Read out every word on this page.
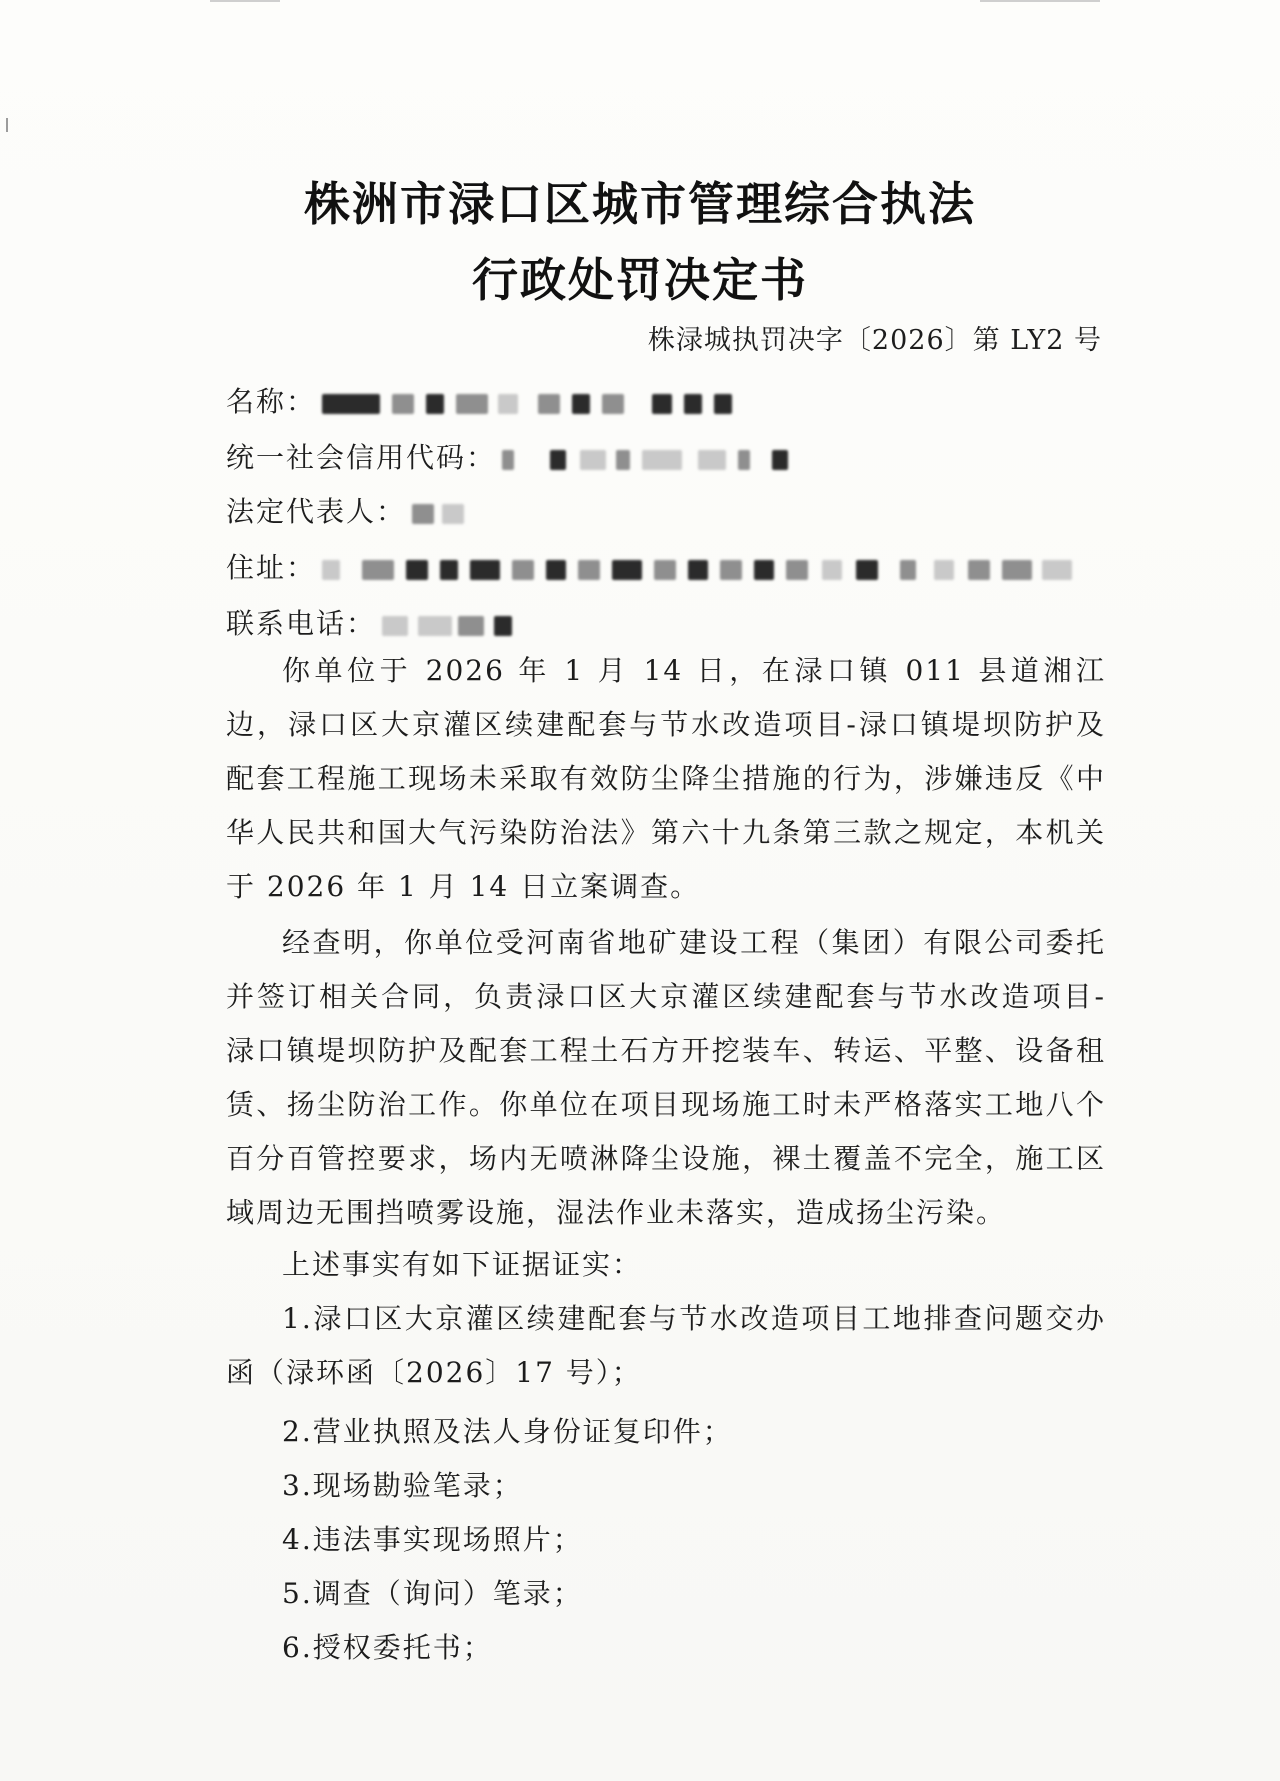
株洲市渌口区城市管理综合执法
行政处罚决定书
株渌城执罚决字〔2026〕第 LY2 号
名称：
统一社会信用代码：
法定代表人：
住址：
联系电话：
你单位于 2026 年 1 月 14 日，在渌口镇 011 县道湘江边，渌口区大京灌区续建配套与节水改造项目-渌口镇堤坝防护及配套工程施工现场未采取有效防尘降尘措施的行为，涉嫌违反《中华人民共和国大气污染防治法》第六十九条第三款之规定，本机关于 2026 年 1 月 14 日立案调查。
经查明，你单位受河南省地矿建设工程（集团）有限公司委托并签订相关合同，负责渌口区大京灌区续建配套与节水改造项目-渌口镇堤坝防护及配套工程土石方开挖装车、转运、平整、设备租赁、扬尘防治工作。你单位在项目现场施工时未严格落实工地八个百分百管控要求，场内无喷淋降尘设施，裸土覆盖不完全，施工区域周边无围挡喷雾设施，湿法作业未落实，造成扬尘污染。
上述事实有如下证据证实：
1.渌口区大京灌区续建配套与节水改造项目工地排查问题交办函（渌环函〔2026〕17 号）；
2.营业执照及法人身份证复印件；
3.现场勘验笔录；
4.违法事实现场照片；
5.调查（询问）笔录；
6.授权委托书；
